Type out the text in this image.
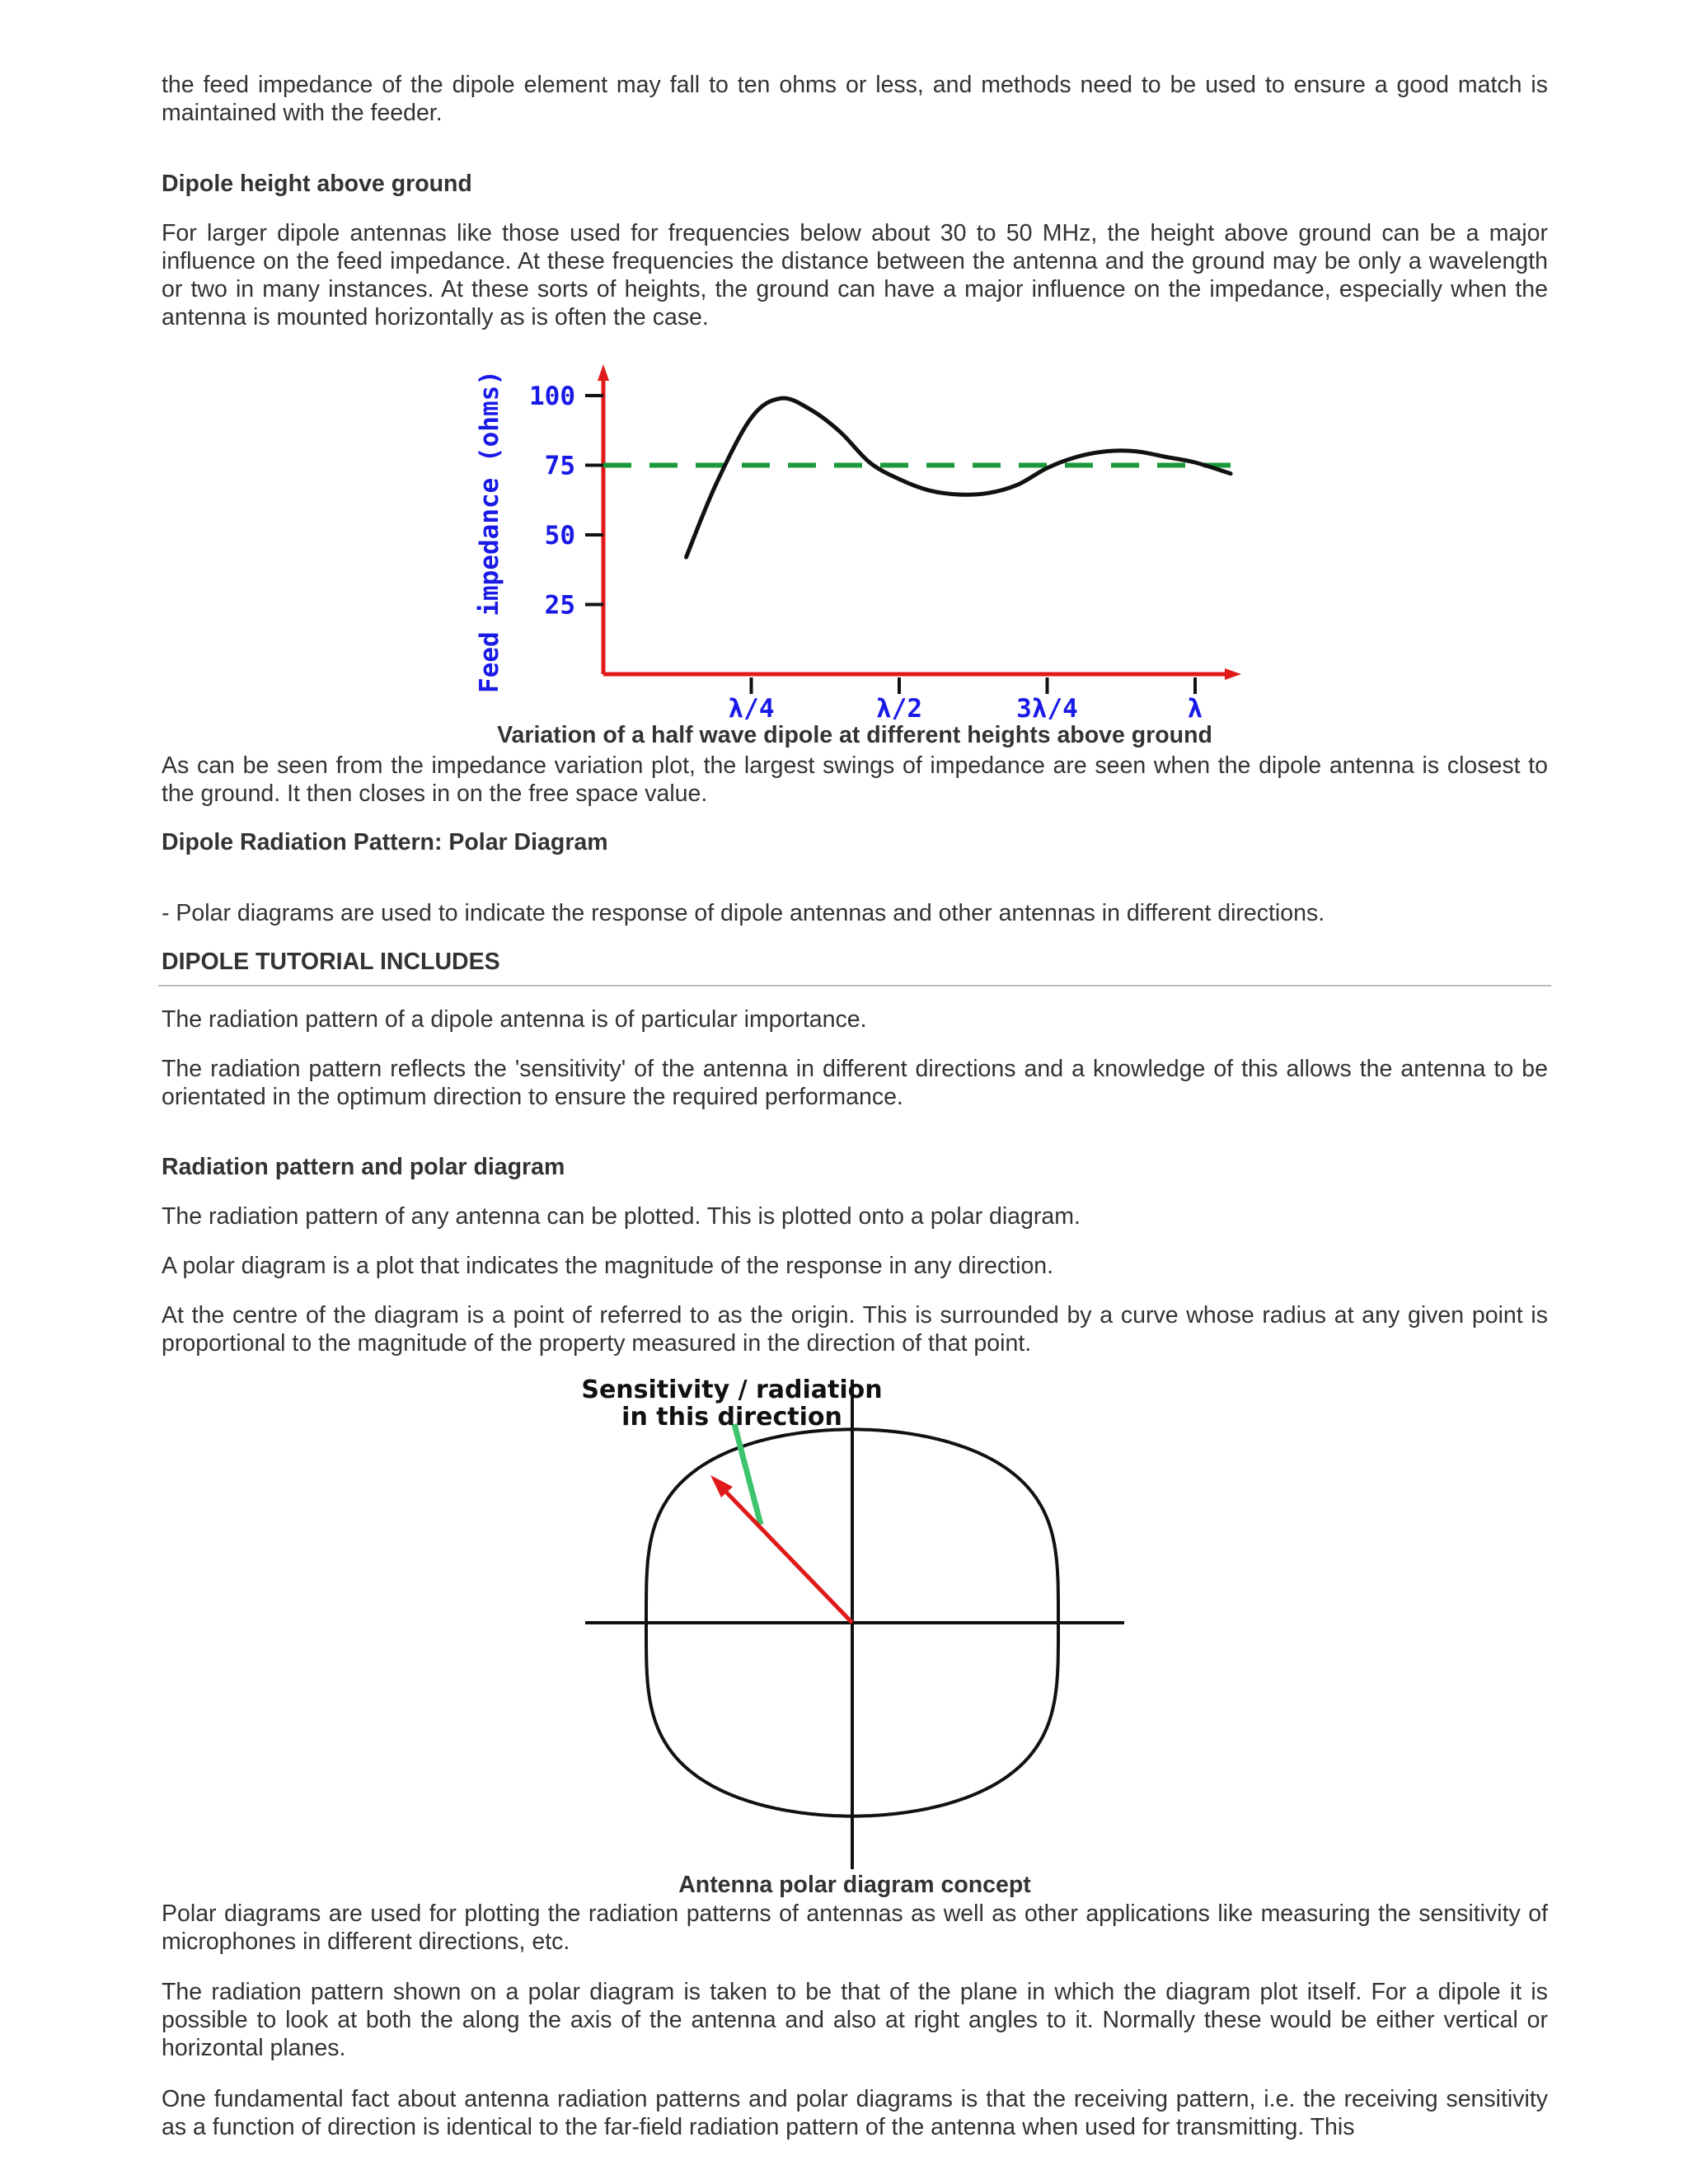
the feed impedance of the dipole element may fall to ten ohms or less, and methods need to be used to ensure a good match is maintained with the feeder.

Dipole height above ground

For larger dipole antennas like those used for frequencies below about 30 to 50 MHz, the height above ground can be a major influence on the feed impedance. At these frequencies the distance between the antenna and the ground may be only a wavelength or two in many instances. At these sorts of heights, the ground can have a major influence on the impedance, especially when the antenna is mounted horizontally as is often the case.

Feed impedance (ohms) 25
50
75
100
λ/4	λ/2	3λ/4	λ

Variation of a half wave dipole at different heights above ground

As can be seen from the impedance variation plot, the largest swings of impedance are seen when the dipole antenna is closest to the ground. It then closes in on the free space value.

Dipole Radiation Pattern: Polar Diagram

- Polar diagrams are used to indicate the response of dipole antennas and other antennas in different directions.

DIPOLE TUTORIAL INCLUDES

The radiation pattern of a dipole antenna is of particular importance.

The radiation pattern reflects the 'sensitivity' of the antenna in different directions and a knowledge of this allows the antenna to be orientated in the optimum direction to ensure the required performance.

Radiation pattern and polar diagram

The radiation pattern of any antenna can be plotted. This is plotted onto a polar diagram.

A polar diagram is a plot that indicates the magnitude of the response in any direction.

At the centre of the diagram is a point of referred to as the origin. This is surrounded by a curve whose radius at any given point is proportional to the magnitude of the property measured in the direction of that point.

Sensitivity / radiation
in this direction

Antenna polar diagram concept

Polar diagrams are used for plotting the radiation patterns of antennas as well as other applications like measuring the sensitivity of microphones in different directions, etc.

The radiation pattern shown on a polar diagram is taken to be that of the plane in which the diagram plot itself. For a dipole it is possible to look at both the along the axis of the antenna and also at right angles to it. Normally these would be either vertical or horizontal planes.

One fundamental fact about antenna radiation patterns and polar diagrams is that the receiving pattern, i.e. the receiving sensitivity as a function of direction is identical to the far-field radiation pattern of the antenna when used for transmitting. This
